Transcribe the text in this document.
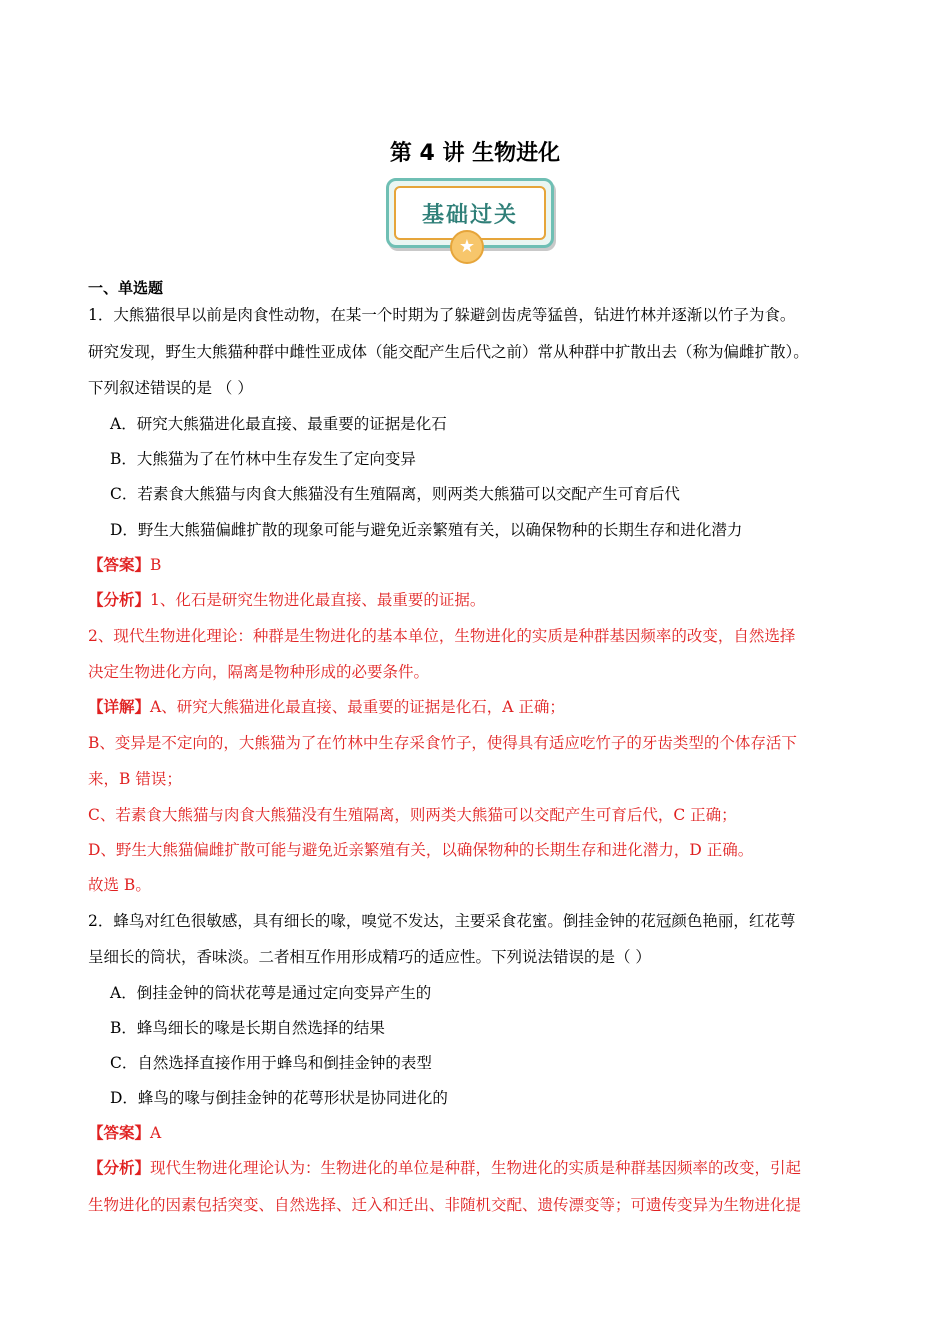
第 4 讲 生物进化
基础过关
★
一、单选题
1．大熊猫很早以前是肉食性动物，在某一个时期为了躲避剑齿虎等猛兽，钻进竹林并逐渐以竹子为食。
研究发现，野生大熊猫种群中雌性亚成体（能交配产生后代之前）常从种群中扩散出去（称为偏雌扩散）。
下列叙述错误的是 （ ）
A．研究大熊猫进化最直接、最重要的证据是化石
B．大熊猫为了在竹林中生存发生了定向变异
C．若素食大熊猫与肉食大熊猫没有生殖隔离，则两类大熊猫可以交配产生可育后代
D．野生大熊猫偏雌扩散的现象可能与避免近亲繁殖有关，以确保物种的长期生存和进化潜力
【答案】B
【分析】1、化石是研究生物进化最直接、最重要的证据。
2、现代生物进化理论：种群是生物进化的基本单位，生物进化的实质是种群基因频率的改变，自然选择
决定生物进化方向，隔离是物种形成的必要条件。
【详解】A、研究大熊猫进化最直接、最重要的证据是化石，A 正确；
B、变异是不定向的，大熊猫为了在竹林中生存采食竹子，使得具有适应吃竹子的牙齿类型的个体存活下
来，B 错误；
C、若素食大熊猫与肉食大熊猫没有生殖隔离，则两类大熊猫可以交配产生可育后代，C 正确；
D、野生大熊猫偏雌扩散可能与避免近亲繁殖有关，以确保物种的长期生存和进化潜力，D 正确。
故选 B。
2．蜂鸟对红色很敏感，具有细长的喙，嗅觉不发达，主要采食花蜜。倒挂金钟的花冠颜色艳丽，红花萼
呈细长的筒状，香味淡。二者相互作用形成精巧的适应性。下列说法错误的是（ ）
A．倒挂金钟的筒状花萼是通过定向变异产生的
B．蜂鸟细长的喙是长期自然选择的结果
C．自然选择直接作用于蜂鸟和倒挂金钟的表型
D．蜂鸟的喙与倒挂金钟的花萼形状是协同进化的
【答案】A
【分析】现代生物进化理论认为：生物进化的单位是种群，生物进化的实质是种群基因频率的改变，引起
生物进化的因素包括突变、自然选择、迁入和迁出、非随机交配、遗传漂变等；可遗传变异为生物进化提
